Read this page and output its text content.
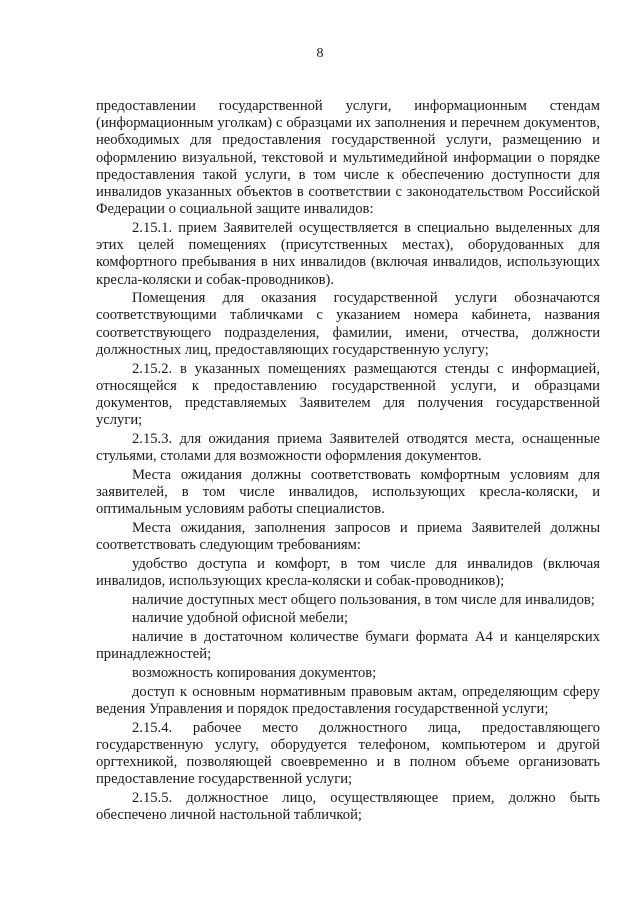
8

предоставлении государственной услуги, информационным стендам (информационным уголкам) с образцами их заполнения и перечнем документов, необходимых для предоставления государственной услуги, размещению и оформлению визуальной, текстовой и мультимедийной информации о порядке предоставления такой услуги, в том числе к обеспечению доступности для инвалидов указанных объектов в соответствии с законодательством Российской Федерации о социальной защите инвалидов:

2.15.1. прием Заявителей осуществляется в специально выделенных для этих целей помещениях (присутственных местах), оборудованных для комфортного пребывания в них инвалидов (включая инвалидов, использующих кресла-коляски и собак-проводников).

Помещения для оказания государственной услуги обозначаются соответствующими табличками с указанием номера кабинета, названия соответствующего подразделения, фамилии, имени, отчества, должности должностных лиц, предоставляющих государственную услугу;

2.15.2. в указанных помещениях размещаются стенды с информацией, относящейся к предоставлению государственной услуги, и образцами документов, представляемых Заявителем для получения государственной услуги;

2.15.3. для ожидания приема Заявителей отводятся места, оснащенные стульями, столами для возможности оформления документов.

Места ожидания должны соответствовать комфортным условиям для заявителей, в том числе инвалидов, использующих кресла-коляски, и оптимальным условиям работы специалистов.

Места ожидания, заполнения запросов и приема Заявителей должны соответствовать следующим требованиям:

удобство доступа и комфорт, в том числе для инвалидов (включая инвалидов, использующих кресла-коляски и собак-проводников);

наличие доступных мест общего пользования, в том числе для инвалидов;

наличие удобной офисной мебели;

наличие в достаточном количестве бумаги формата А4 и канцелярских принадлежностей;

возможность копирования документов;

доступ к основным нормативным правовым актам, определяющим сферу ведения Управления и порядок предоставления государственной услуги;

2.15.4. рабочее место должностного лица, предоставляющего государственную услугу, оборудуется телефоном, компьютером и другой оргтехникой, позволяющей своевременно и в полном объеме организовать предоставление государственной услуги;

2.15.5. должностное лицо, осуществляющее прием, должно быть обеспечено личной настольной табличкой;
